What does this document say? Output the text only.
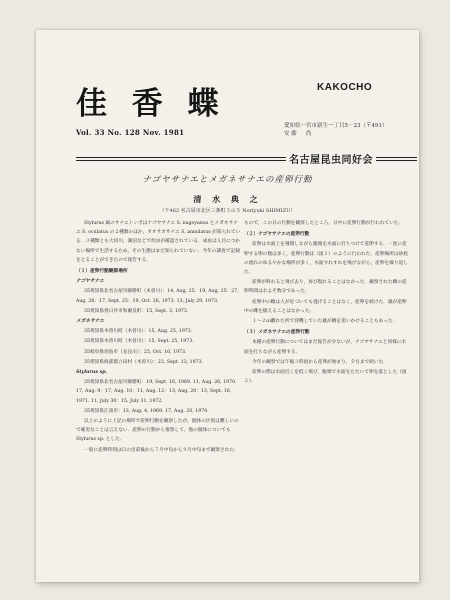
佳 香 蝶	KAKOCHO
Vol. 33 No. 128 Nov. 1981
愛知県一宮市新生一丁目5－23（〒491）
安 藤 　 尚
名古屋昆虫同好会
ナゴヤサナエとメガネサナエの産卵行動
清 水 典 之
（〒462 名古屋市北区三条町３の５ Noriyuki SHIMIZU）

Stylurus 属のサナエトンボはナゴヤサナエ S. nagoyanus とメガネサナエ S. oculatus の２種類のほか，オオサカサナエ S. annulatus が知られている．３種類とも大河川，湖沼などで幼虫が確認されている．成虫は人目につかない場所で生活するため，その生態はまだ知られていない．今年の調査で記録をとることができたので報告する．

（１）産卵行動観察場所

ナゴヤサナエ

35愛知県北名古屋市師勝町（木曽川）：14, Aug. 25：19, Aug. 25：27, Aug. 26：17, Sept. 25：19, Oct. 26, 1973. 13, July 29, 1973.

35愛知県春日井市和爾良町：15, Sept. 3, 1973.

メガネサナエ

35愛知県木曽川町（木曽川）：15, Aug. 25, 1973.

35愛知県木曽川町（木曽川）：15, Sept. 25, 1973.

35岐阜県羽島市（長良川）：25, Oct. 16, 1973.

35愛知県海部郡立田村（木曽川）：23, Sept. 13, 1973.

Stylurus sp.

35愛知県北名古屋市師勝町：19, Sept. 16, 1969. 11, Aug. 26, 1970. 17, Aug. 9：17, Aug. 10：11, Aug. 12：13, Aug. 20：13, Sept. 16, 1971. 11, July 30：15, July 31, 1972.

35愛知県江南市：13, Aug. 4, 1969. 17, Aug. 20, 1970.

以上のように上記の場所で産卵行動を観察したが，個体の区別は難しいので確実なことは言えない．産卵の行動から推察して，他の個体についても Stylurus sp. とした．

一般に産卵時刻は日の出前後から７月中旬から９月中旬まで観察された．

もので，この日の行動を観察したところ，日中に産卵行動が行われていた．

（２）ナゴヤサナエの産卵行動

産卵は水面上を飛翔しながら腹端を水面に打ちつけて産卵する．一度に産卵する卵の数は多く，産卵行動は（図１）のように行われた．産卵場所は砂底の流れのゆるやかな場所が多く，水面すれすれを飛びながら，産卵を繰り返した．

産卵が終わると飛び去り，再び現れることはなかった．観察された雌の産卵時間はおよそ数分であった．

産卵中の雌は人が近づいても逃げることはなく，産卵を続けた．雄が産卵中の雌を捕えることはなかった．

１～２ｍ離れた所で待機していた雄が雌を追いかけることもあった．

（３）メガネサナエの産卵行動

本種の産卵行動についてはまだ報告が少ないが，ナゴヤサナエと同様に水面を打ちながら産卵する．

今年の観察では午後３時頃から産卵が始まり，夕方まで続いた．

産卵の際は水面近くを低く飛び，腹端で水面をたたいて卵を落とした（図２）．
